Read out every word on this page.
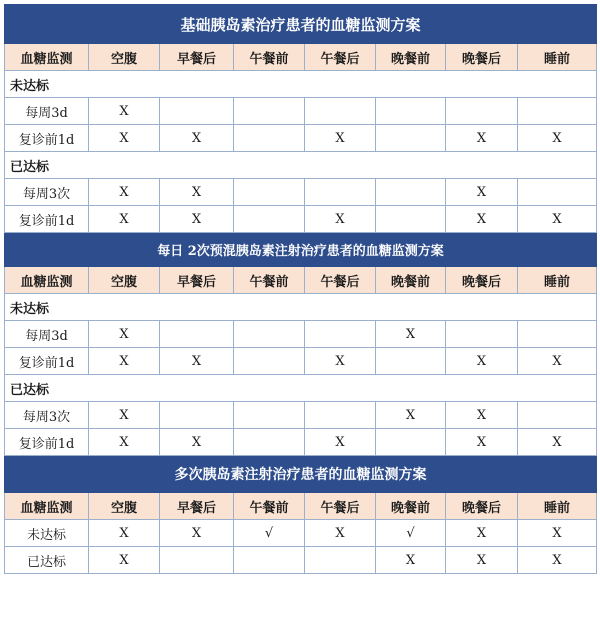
基础胰岛素治疗患者的血糖监测方案							
血糖监测	空腹	早餐后	午餐前	午餐后	晚餐前	晚餐后	睡前
未达标							
每周3d	X						
复诊前1d	X	X		X		X	X
已达标							
每周3次	X	X				X	
复诊前1d	X	X		X		X	X
每日 2次预混胰岛素注射治疗患者的血糖监测方案							
血糖监测	空腹	早餐后	午餐前	午餐后	晚餐前	晚餐后	睡前
未达标							
每周3d	X				X		
复诊前1d	X	X		X		X	X
已达标							
每周3次	X				X	X	
复诊前1d	X	X		X		X	X
多次胰岛素注射治疗患者的血糖监测方案							
血糖监测	空腹	早餐后	午餐前	午餐后	晚餐前	晚餐后	睡前
未达标	X	X	√	X	√	X	X
已达标	X				X	X	X
